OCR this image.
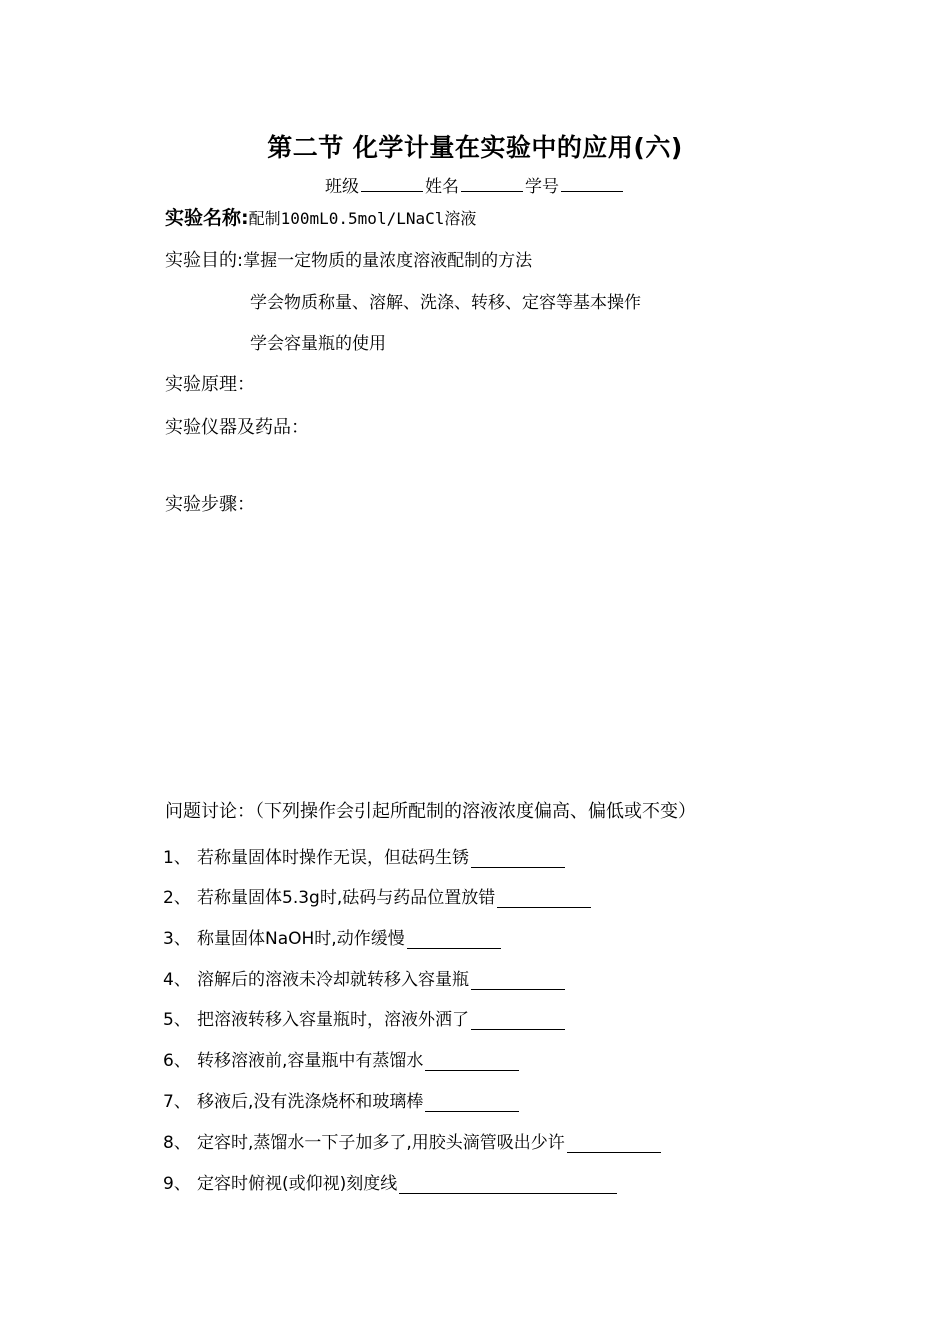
第二节 化学计量在实验中的应用(六)
班级	姓名	学号
实验名称:配制100mL0.5mol/LNaCl溶液
实验目的:掌握一定物质的量浓度溶液配制的方法
学会物质称量、溶解、洗涤、转移、定容等基本操作
学会容量瓶的使用
实验原理：
实验仪器及药品：
实验步骤：
问题讨论：（下列操作会引起所配制的溶液浓度偏高、偏低或不变）
1、 若称量固体时操作无误，但砝码生锈
2、 若称量固体5.3g时,砝码与药品位置放错
3、 称量固体NaOH时,动作缓慢
4、 溶解后的溶液未冷却就转移入容量瓶
5、 把溶液转移入容量瓶时，溶液外洒了
6、 转移溶液前,容量瓶中有蒸馏水
7、 移液后,没有洗涤烧杯和玻璃棒
8、 定容时,蒸馏水一下子加多了,用胶头滴管吸出少许
9、 定容时俯视(或仰视)刻度线
